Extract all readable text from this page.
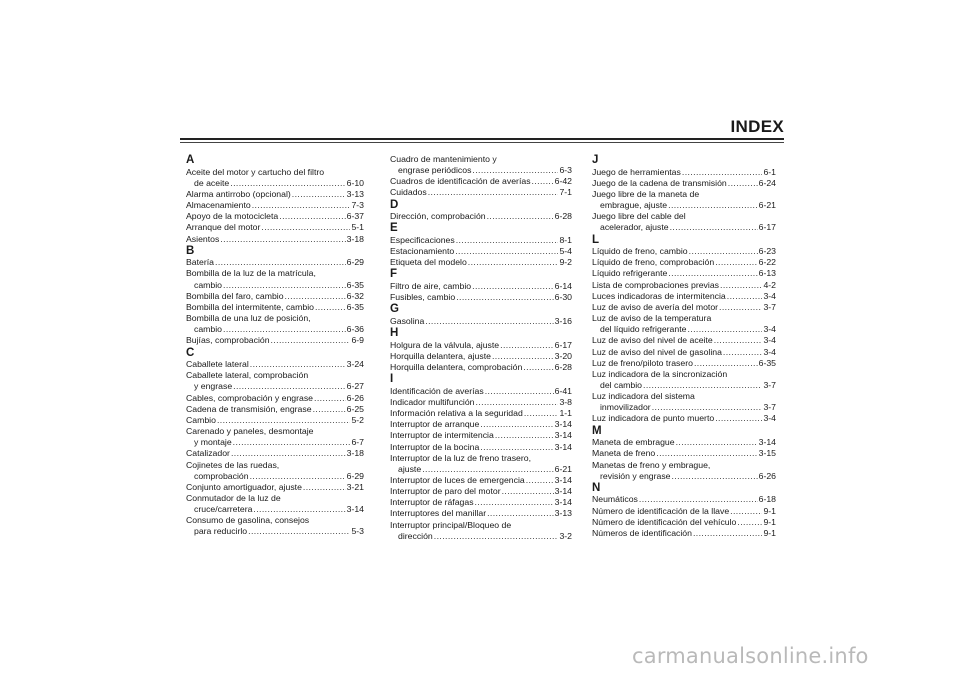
INDEX
A
Aceite del motor y cartucho del filtro
de aceite .....	6-10
Alarma antirrobo (opcional) .....	3-13
Almacenamiento .....	7-3
Apoyo de la motocicleta .....	6-37
Arranque del motor .....	5-1
Asientos .....	3-18
B
Batería .....	6-29
Bombilla de la luz de la matrícula,
cambio .....	6-35
Bombilla del faro, cambio .....	6-32
Bombilla del intermitente, cambio .....	6-35
Bombilla de una luz de posición,
cambio .....	6-36
Bujías, comprobación .....	6-9
C
Caballete lateral .....	3-24
Caballete lateral, comprobación
y engrase .....	6-27
Cables, comprobación y engrase .....	6-26
Cadena de transmisión, engrase .....	6-25
Cambio .....	5-2
Carenado y paneles, desmontaje
y montaje .....	6-7
Catalizador .....	3-18
Cojinetes de las ruedas,
comprobación .....	6-29
Conjunto amortiguador, ajuste .....	3-21
Conmutador de la luz de
cruce/carretera .....	3-14
Consumo de gasolina, consejos
para reducirlo .....	5-3
Cuadro de mantenimiento y
engrase periódicos .....	6-3
Cuadros de identificación de averías .....	6-42
Cuidados .....	7-1
D
Dirección, comprobación .....	6-28
E
Especificaciones .....	8-1
Estacionamiento .....	5-4
Etiqueta del modelo .....	9-2
F
Filtro de aire, cambio .....	6-14
Fusibles, cambio .....	6-30
G
Gasolina .....	3-16
H
Holgura de la válvula, ajuste .....	6-17
Horquilla delantera, ajuste .....	3-20
Horquilla delantera, comprobación .....	6-28
I
Identificación de averías .....	6-41
Indicador multifunción .....	3-8
Información relativa a la seguridad .....	1-1
Interruptor de arranque .....	3-14
Interruptor de intermitencia .....	3-14
Interruptor de la bocina .....	3-14
Interruptor de la luz de freno trasero,
ajuste .....	6-21
Interruptor de luces de emergencia .....	3-14
Interruptor de paro del motor .....	3-14
Interruptor de ráfagas .....	3-14
Interruptores del manillar .....	3-13
Interruptor principal/Bloqueo de
dirección .....	3-2
J
Juego de herramientas .....	6-1
Juego de la cadena de transmisión .....	6-24
Juego libre de la maneta de
embrague, ajuste .....	6-21
Juego libre del cable del
acelerador, ajuste .....	6-17
L
Líquido de freno, cambio .....	6-23
Líquido de freno, comprobación .....	6-22
Líquido refrigerante .....	6-13
Lista de comprobaciones previas .....	4-2
Luces indicadoras de intermitencia .....	3-4
Luz de aviso de avería del motor .....	3-7
Luz de aviso de la temperatura
del líquido refrigerante .....	3-4
Luz de aviso del nivel de aceite .....	3-4
Luz de aviso del nivel de gasolina .....	3-4
Luz de freno/piloto trasero .....	6-35
Luz indicadora de la sincronización
del cambio .....	3-7
Luz indicadora del sistema
inmovilizador .....	3-7
Luz indicadora de punto muerto .....	3-4
M
Maneta de embrague .....	3-14
Maneta de freno .....	3-15
Manetas de freno y embrague,
revisión y engrase .....	6-26
N
Neumáticos .....	6-18
Número de identificación de la llave .....	9-1
Número de identificación del vehículo .....	9-1
Números de identificación .....	9-1
carmanualsonline.info
